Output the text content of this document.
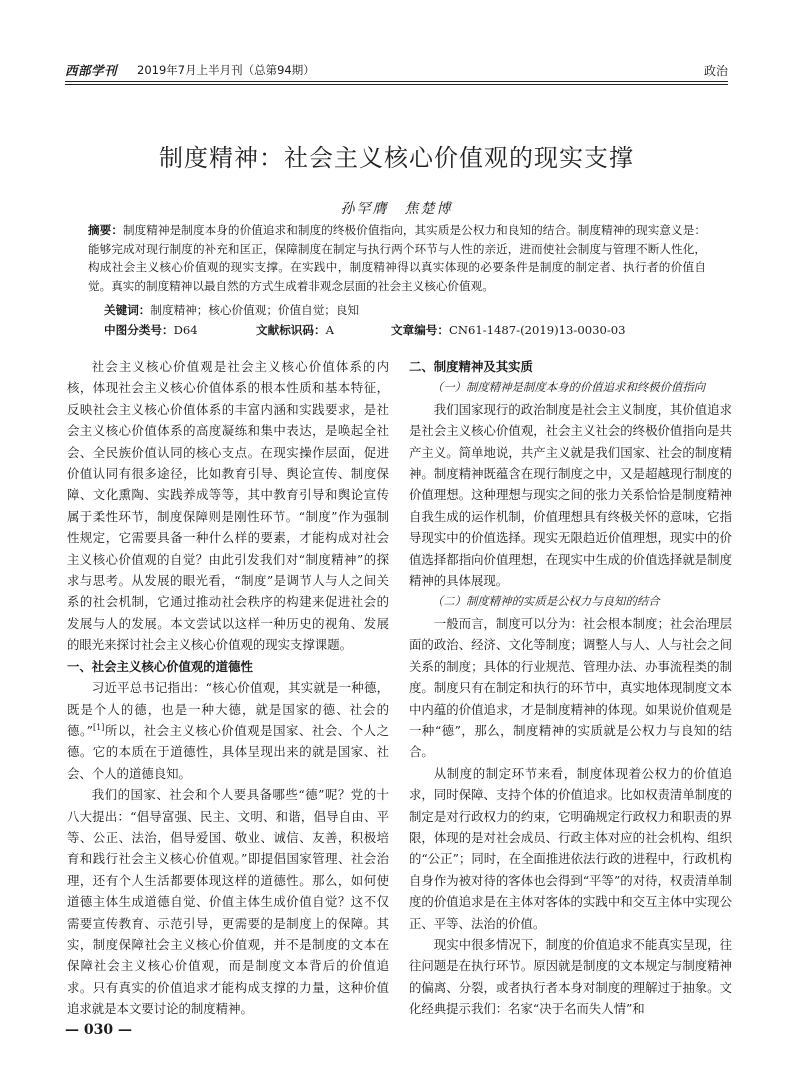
西部学刊 2019年7月上半月刊（总第94期）	政治
制度精神：社会主义核心价值观的现实支撑
孙罕膺　焦楚博
摘要：制度精神是制度本身的价值追求和制度的终极价值指向，其实质是公权力和良知的结合。制度精神的现实意义是：能够完成对现行制度的补充和匡正，保障制度在制定与执行两个环节与人性的亲近，进而使社会制度与管理不断人性化，构成社会主义核心价值观的现实支撑。在实践中，制度精神得以真实体现的必要条件是制度的制定者、执行者的价值自觉。真实的制度精神以最自然的方式生成着非观念层面的社会主义核心价值观。
关键词：制度精神；核心价值观；价值自觉；良知
中图分类号：D64	文献标识码：A	文章编号：CN61-1487-(2019)13-0030-03

社会主义核心价值观是社会主义核心价值体系的内核，体现社会主义核心价值体系的根本性质和基本特征，反映社会主义核心价值体系的丰富内涵和实践要求，是社会主义核心价值体系的高度凝练和集中表达，是唤起全社会、全民族价值认同的核心支点。在现实操作层面，促进价值认同有很多途径，比如教育引导、舆论宣传、制度保障、文化熏陶、实践养成等等，其中教育引导和舆论宣传属于柔性环节，制度保障则是刚性环节。“制度”作为强制性规定，它需要具备一种什么样的要素，才能构成对社会主义核心价值观的自觉？由此引发我们对“制度精神”的探求与思考。从发展的眼光看，“制度”是调节人与人之间关系的社会机制，它通过推动社会秩序的构建来促进社会的发展与人的发展。本文尝试以这样一种历史的视角、发展的眼光来探讨社会主义核心价值观的现实支撑课题。

一、社会主义核心价值观的道德性

习近平总书记指出：“核心价值观，其实就是一种德，既是个人的德，也是一种大德，就是国家的德、社会的德。”[1]所以，社会主义核心价值观是国家、社会、个人之德。它的本质在于道德性，具体呈现出来的就是国家、社会、个人的道德良知。

我们的国家、社会和个人要具备哪些“德”呢？党的十八大提出：“倡导富强、民主、文明、和谐，倡导自由、平等、公正、法治，倡导爱国、敬业、诚信、友善，积极培育和践行社会主义核心价值观。”即提倡国家管理、社会治理，还有个人生活都要体现这样的道德性。那么，如何使道德主体生成道德自觉、价值主体生成价值自觉？这不仅需要宣传教育、示范引导，更需要的是制度上的保障。其实，制度保障社会主义核心价值观，并不是制度的文本在保障社会主义核心价值观，而是制度文本背后的价值追求。只有真实的价值追求才能构成支撑的力量，这种价值追求就是本文要讨论的制度精神。

二、制度精神及其实质
（一）制度精神是制度本身的价值追求和终极价值指向

我们国家现行的政治制度是社会主义制度，其价值追求是社会主义核心价值观，社会主义社会的终极价值指向是共产主义。简单地说，共产主义就是我们国家、社会的制度精神。制度精神既蕴含在现行制度之中，又是超越现行制度的价值理想。这种理想与现实之间的张力关系恰恰是制度精神自我生成的运作机制，价值理想具有终极关怀的意味，它指导现实中的价值选择。现实无限趋近价值理想，现实中的价值选择都指向价值理想，在现实中生成的价值选择就是制度精神的具体展现。

（二）制度精神的实质是公权力与良知的结合

一般而言，制度可以分为：社会根本制度；社会治理层面的政治、经济、文化等制度；调整人与人、人与社会之间关系的制度；具体的行业规范、管理办法、办事流程类的制度。制度只有在制定和执行的环节中，真实地体现制度文本中内蕴的价值追求，才是制度精神的体现。如果说价值观是一种“德”，那么，制度精神的实质就是公权力与良知的结合。

从制度的制定环节来看，制度体现着公权力的价值追求，同时保障、支持个体的价值追求。比如权责清单制度的制定是对行政权力的约束，它明确规定行政权力和职责的界限，体现的是对社会成员、行政主体对应的社会机构、组织的“公正”；同时，在全面推进依法行政的进程中，行政机构自身作为被对待的客体也会得到“平等”的对待，权责清单制度的价值追求是在主体对客体的实践中和交互主体中实现公正、平等、法治的价值。

现实中很多情况下，制度的价值追求不能真实呈现，往往问题是在执行环节。原因就是制度的文本规定与制度精神的偏离、分裂，或者执行者本身对制度的理解过于抽象。文化经典提示我们：名家“决于名而失人情”和

— 030 —
